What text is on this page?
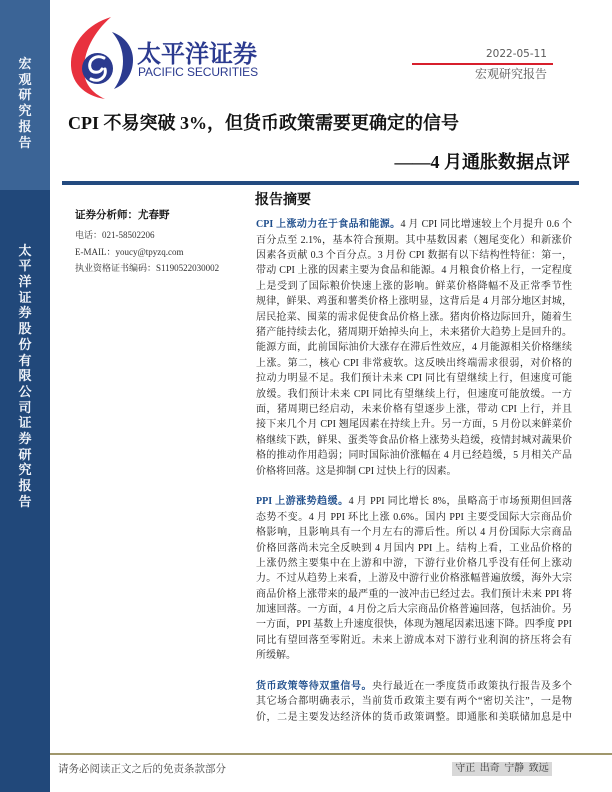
宏观研究报告
太平洋证券股份有限公司证券研究报告
太平洋证券
PACIFIC SECURITIES
2022-05-11
宏观研究报告
CPI 不易突破 3%，但货币政策需要更确定的信号
——4 月通胀数据点评
证券分析师：尤春野
电话：021-58502206
E-MAIL：youcy@tpyzq.com
执业资格证书编码：S1190522030002
报告摘要
CPI 上涨动力在于食品和能源。4 月 CPI 同比增速较上个月提升 0.6 个
百分点至 2.1%，基本符合预期。其中基数因素（翘尾变化）和新涨价
因素各贡献 0.3 个百分点。3 月份 CPI 数据有以下结构性特征：第一，
带动 CPI 上涨的因素主要为食品和能源。4 月粮食价格上行，一定程度
上是受到了国际粮价快速上涨的影响。鲜菜价格降幅不及正常季节性
规律，鲜果、鸡蛋和薯类价格上涨明显，这背后是 4 月部分地区封城，
居民抢菜、囤菜的需求促使食品价格上涨。猪肉价格边际回升，随着生
猪产能持续去化，猪周期开始掉头向上，未来猪价大趋势上是回升的。
能源方面，此前国际油价大涨存在滞后性效应，4 月能源相关价格继续
上涨。第二，核心 CPI 非常疲软。这反映出终端需求很弱，对价格的
拉动力明显不足。我们预计未来 CPI 同比有望继续上行，但速度可能
放缓。我们预计未来 CPI 同比有望继续上行，但速度可能放缓。一方
面，猪周期已经启动，未来价格有望逐步上涨，带动 CPI 上行，并且
接下来几个月 CPI 翘尾因素在持续上升。另一方面，5 月份以来鲜菜价
格继续下跌，鲜果、蛋类等食品价格上涨势头趋缓，疫情封城对蔬果价
格的推动作用趋弱；同时国际油价涨幅在 4 月已经趋缓，5 月相关产品
价格将回落。这是抑制 CPI 过快上行的因素。
PPI 上游涨势趋缓。4 月 PPI 同比增长 8%，虽略高于市场预期但回落
态势不变。4 月 PPI 环比上涨 0.6%。国内 PPI 主要受国际大宗商品价
格影响，且影响具有一个月左右的滞后性。所以 4 月份国际大宗商品
价格回落尚未完全反映到 4 月国内 PPI 上。结构上看，工业品价格的
上涨仍然主要集中在上游和中游，下游行业价格几乎没有任何上涨动
力。不过从趋势上来看，上游及中游行业价格涨幅普遍放缓，海外大宗
商品价格上涨带来的最严重的一波冲击已经过去。我们预计未来 PPI 将
加速回落。一方面，4 月份之后大宗商品价格普遍回落，包括油价。另
一方面，PPI 基数上升速度很快，体现为翘尾因素迅速下降。四季度 PPI
同比有望回落至零附近。未来上游成本对下游行业利润的挤压将会有
所缓解。
货币政策等待双重信号。央行最近在一季度货币政策执行报告及多个
其它场合都明确表示，当前货币政策主要有两个“密切关注”，一是物
价，二是主要发达经济体的货币政策调整。即通胀和美联储加息是中
请务必阅读正文之后的免责条款部分	守正 出奇 宁静 致远
